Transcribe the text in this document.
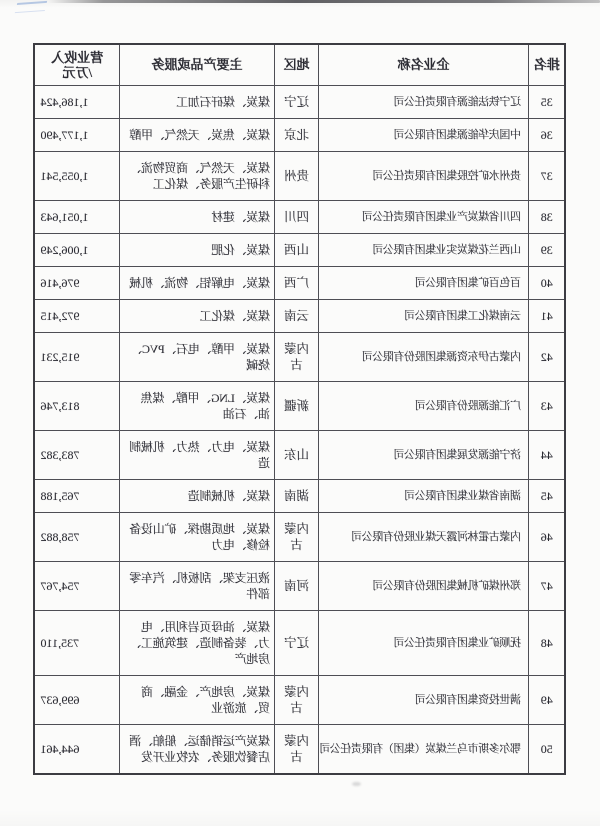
排名	企业名称	地区	主要产品或服务	营业收入
/万元

35	辽宁铁法能源有限责任公司	辽宁	煤炭、煤矸石加工	1,186,424
36	中国庆华能源集团有限公司	北京	煤炭、焦炭、天然气、甲醇	1,177,490
37	贵州水矿控股集团有限责任公司	贵州	煤炭、天然气、商贸物流、科研生产服务、煤化工	1,055,541
38	四川省煤炭产业集团有限责任公司	四川	煤炭、建材	1,051,643
39	山西兰花煤炭实业集团有限公司	山西	煤炭、化肥	1,006,249
40	百色百矿集团有限公司	广西	煤炭、电解铝、物流、机械	976,416
41	云南煤化工集团有限公司	云南	煤炭、煤化工	972,415
42	内蒙古伊东资源集团股份有限公司	内蒙古	煤炭、甲醇、电石、PVC、烧碱	915,231
43	广汇能源股份有限公司	新疆	煤炭、LNG、甲醇、煤焦油、石油	813,746
44	济宁能源发展集团有限公司	山东	煤炭、电力、热力、机械制造	783,382
45	湖南省煤业集团有限公司	湖南	煤炭、机械制造	765,188
46	内蒙古霍林河露天煤业股份有限公司	内蒙古	煤炭、地质勘探、矿山设备检修、电力	758,882
47	郑州煤矿机械集团股份有限公司	河南	液压支架、刮板机、汽车零部件	754,767
48	抚顺矿业集团有限责任公司	辽宁	煤炭、油母页岩利用、电力、装备制造、建筑施工、房地产	735,110
49	满世投资集团有限公司	内蒙古	煤炭、房地产、金融、商贸、旅游业	699,637
50	鄂尔多斯市乌兰煤炭（集团）有限责任公司	内蒙古	煤炭产运销储运、船舶、酒店餐饮服务、农牧业开发	644,461
